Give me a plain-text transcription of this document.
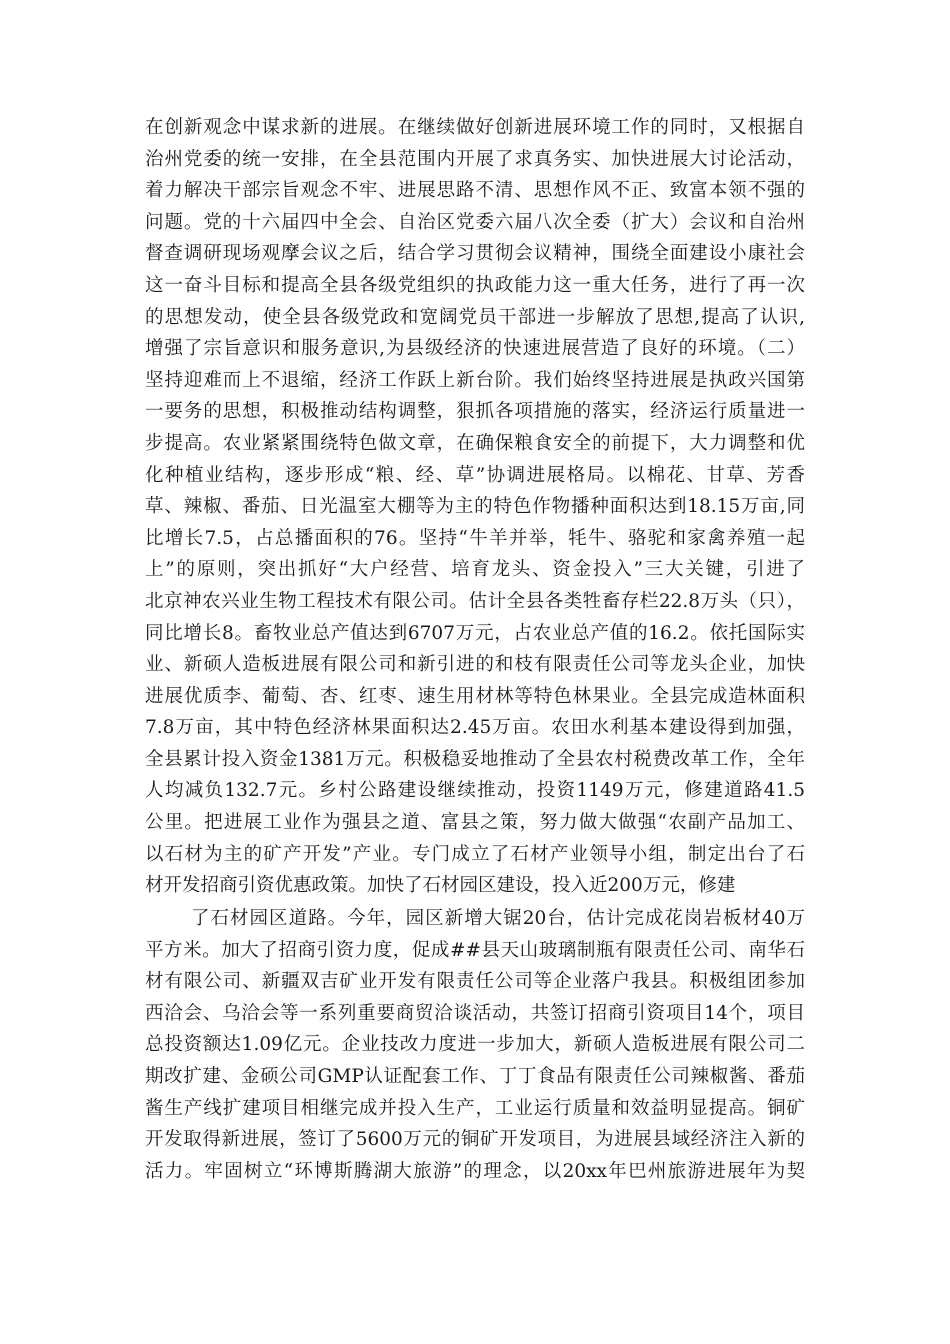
在创新观念中谋求新的进展。在继续做好创新进展环境工作的同时，又根据自
治州党委的统一安排，在全县范围内开展了求真务实、加快进展大讨论活动，
着力解决干部宗旨观念不牢、进展思路不清、思想作风不正、致富本领不强的
问题。党的十六届四中全会、自治区党委六届八次全委（扩大）会议和自治州
督查调研现场观摩会议之后，结合学习贯彻会议精神，围绕全面建设小康社会
这一奋斗目标和提高全县各级党组织的执政能力这一重大任务，进行了再一次
的思想发动，使全县各级党政和宽阔党员干部进一步解放了思想,提高了认识,
增强了宗旨意识和服务意识,为县级经济的快速进展营造了良好的环境。（二）
坚持迎难而上不退缩，经济工作跃上新台阶。我们始终坚持进展是执政兴国第
一要务的思想，积极推动结构调整，狠抓各项措施的落实，经济运行质量进一
步提高。农业紧紧围绕特色做文章，在确保粮食安全的前提下，大力调整和优
化种植业结构，逐步形成“粮、经、草”协调进展格局。以棉花、甘草、芳香
草、辣椒、番茄、日光温室大棚等为主的特色作物播种面积达到18.15万亩,同
比增长7.5，占总播面积的76。坚持“牛羊并举，牦牛、骆驼和家禽养殖一起
上”的原则，突出抓好“大户经营、培育龙头、资金投入”三大关键，引进了
北京神农兴业生物工程技术有限公司。估计全县各类牲畜存栏22.8万头（只），
同比增长8。畜牧业总产值达到6707万元，占农业总产值的16.2。依托国际实
业、新硕人造板进展有限公司和新引进的和枝有限责任公司等龙头企业，加快
进展优质李、葡萄、杏、红枣、速生用材林等特色林果业。全县完成造林面积
7.8万亩，其中特色经济林果面积达2.45万亩。农田水利基本建设得到加强，
全县累计投入资金1381万元。积极稳妥地推动了全县农村税费改革工作，全年
人均减负132.7元。乡村公路建设继续推动，投资1149万元，修建道路41.5
公里。把进展工业作为强县之道、富县之策，努力做大做强“农副产品加工、
以石材为主的矿产开发”产业。专门成立了石材产业领导小组，制定出台了石
材开发招商引资优惠政策。加快了石材园区建设，投入近200万元，修建
了石材园区道路。今年，园区新增大锯20台，估计完成花岗岩板材40万
平方米。加大了招商引资力度，促成##县天山玻璃制瓶有限责任公司、南华石
材有限公司、新疆双吉矿业开发有限责任公司等企业落户我县。积极组团参加
西洽会、乌洽会等一系列重要商贸洽谈活动，共签订招商引资项目14个，项目
总投资额达1.09亿元。企业技改力度进一步加大，新硕人造板进展有限公司二
期改扩建、金硕公司GMP认证配套工作、丁丁食品有限责任公司辣椒酱、番茄
酱生产线扩建项目相继完成并投入生产，工业运行质量和效益明显提高。铜矿
开发取得新进展，签订了5600万元的铜矿开发项目，为进展县域经济注入新的
活力。牢固树立“环博斯腾湖大旅游”的理念，以20xx年巴州旅游进展年为契
